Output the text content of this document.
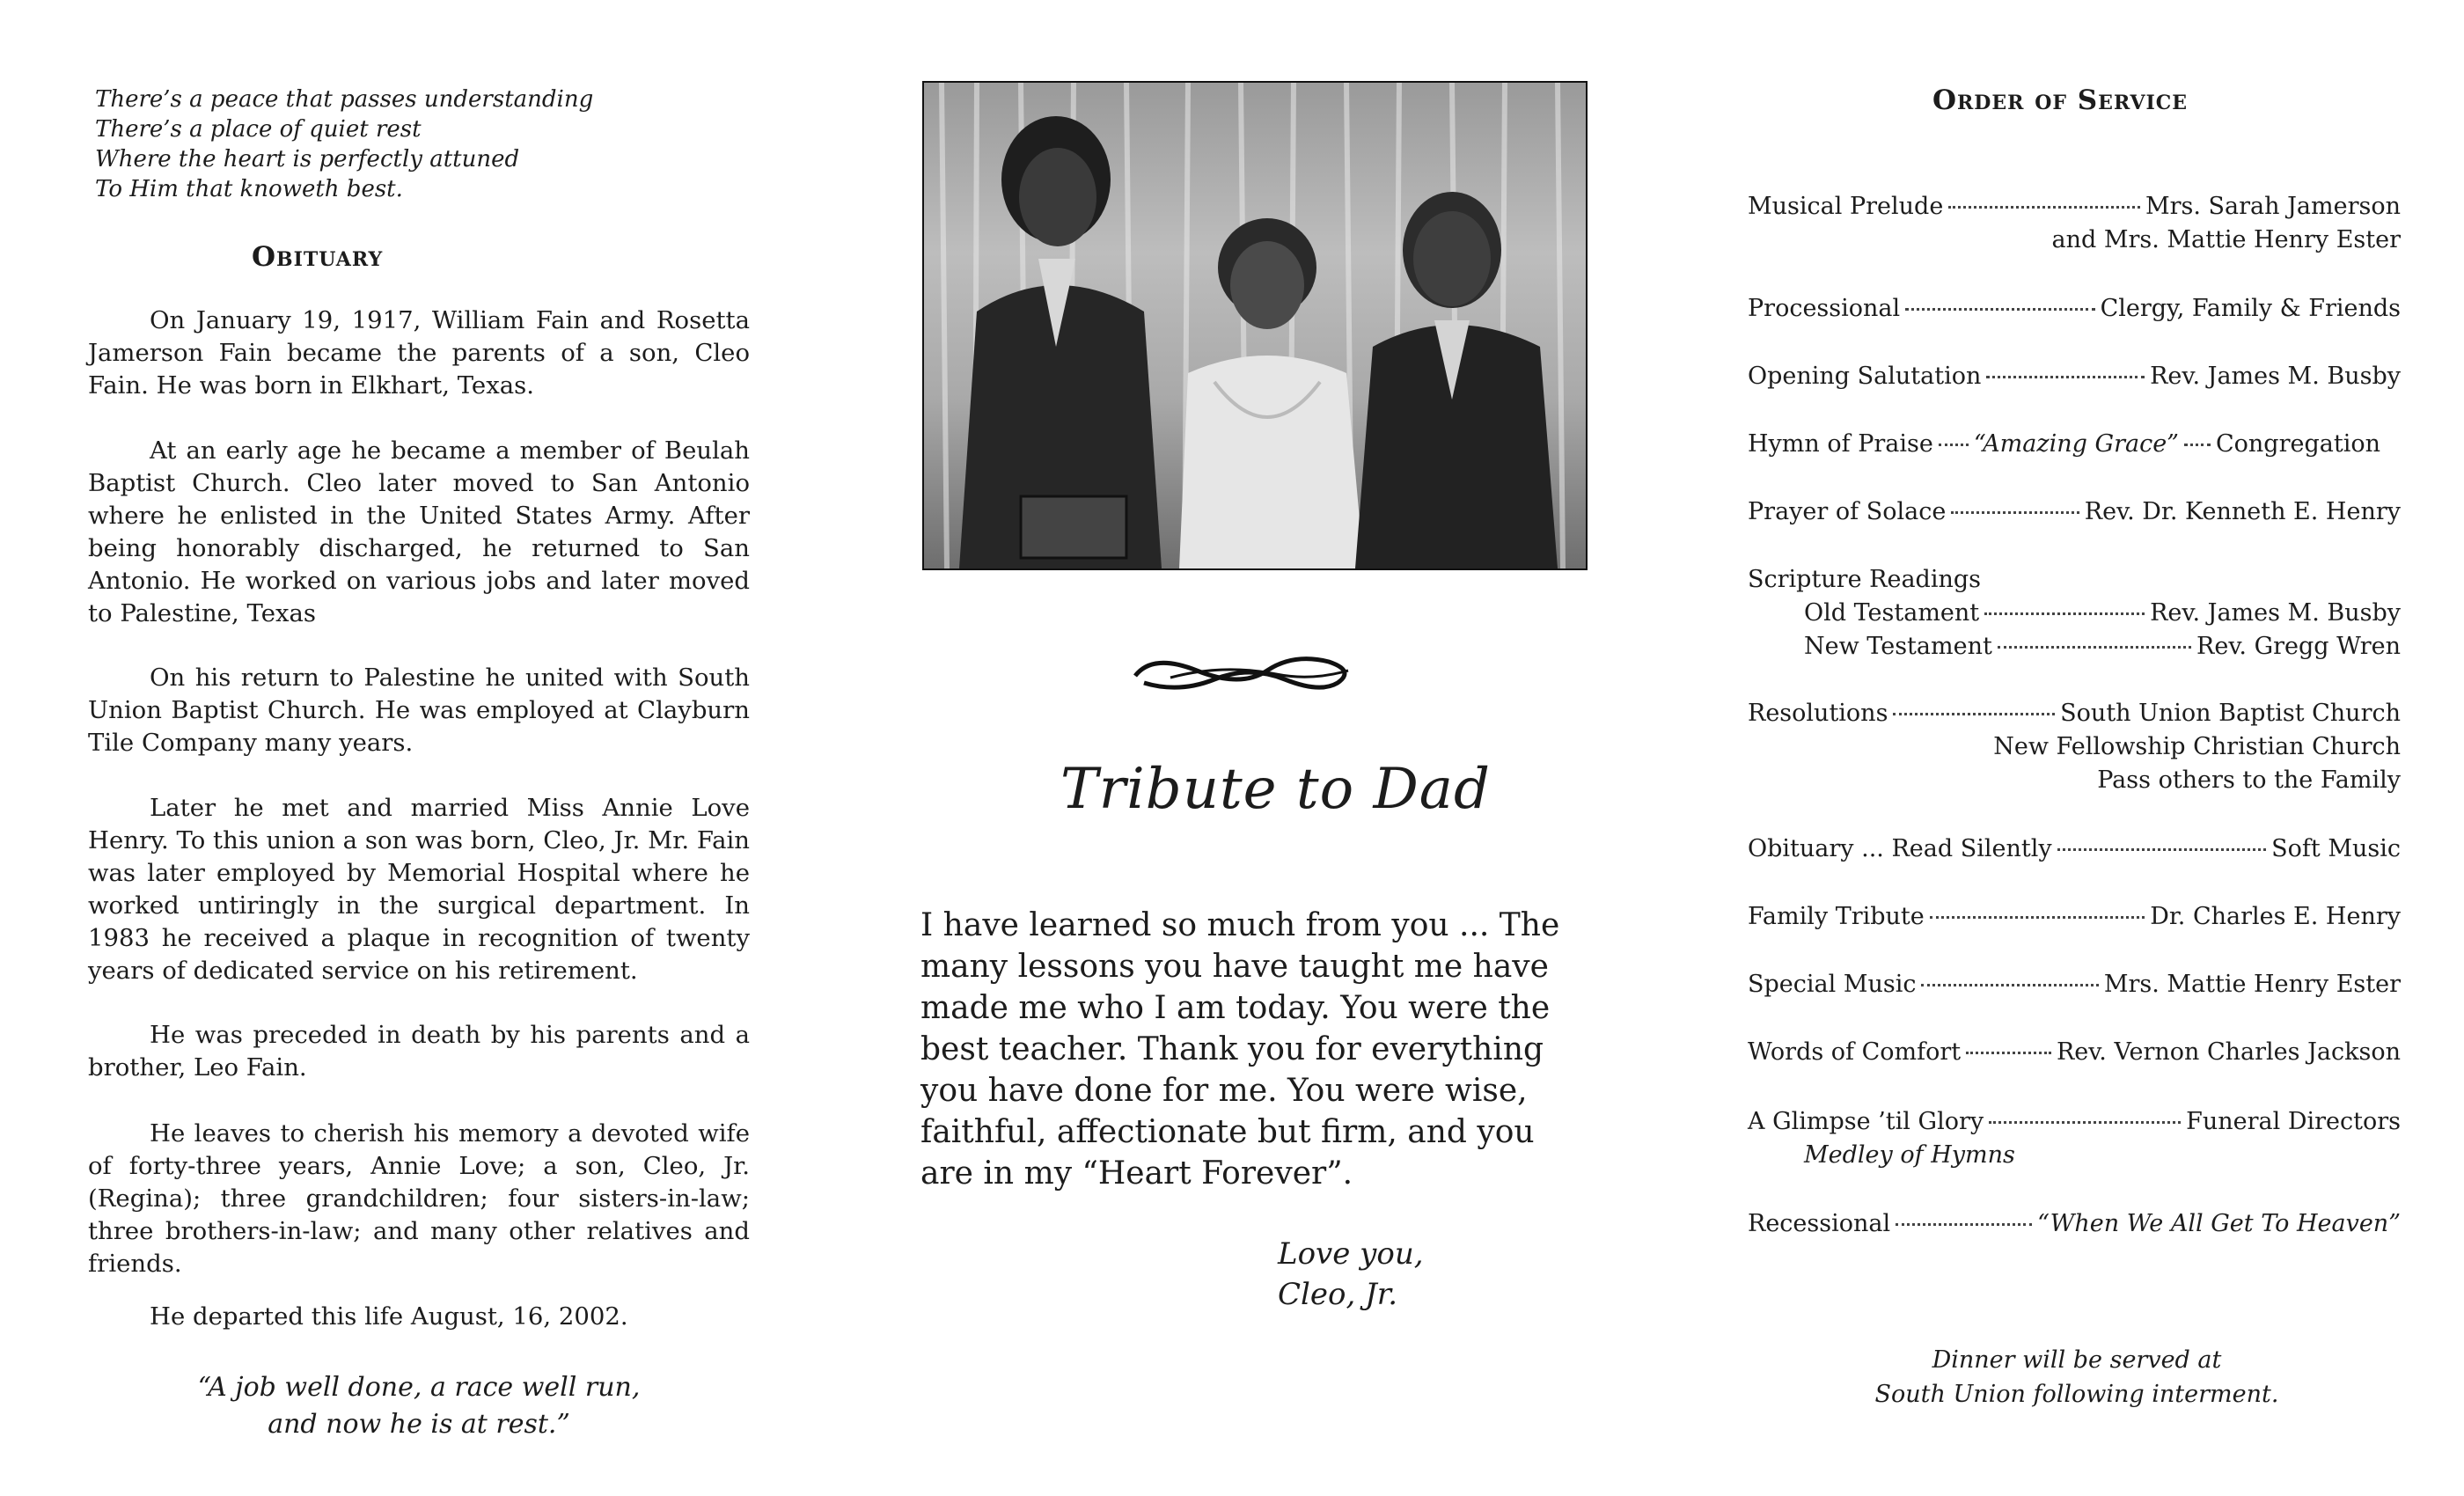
There’s a peace that passes understanding
There’s a place of quiet rest
Where the heart is perfectly attuned
To Him that knoweth best.
Obituary
On January 19, 1917, William Fain and Rosetta Jamerson Fain became the parents of a son, Cleo Fain. He was born in Elkhart, Texas.
At an early age he became a member of Beulah Baptist Church. Cleo later moved to San Antonio where he enlisted in the United States Army. After being honorably discharged, he returned to San Antonio. He worked on various jobs and later moved to Palestine, Texas
On his return to Palestine he united with South Union Baptist Church. He was employed at Clayburn Tile Company many years.
Later he met and married Miss Annie Love Henry. To this union a son was born, Cleo, Jr. Mr. Fain was later employed by Memorial Hospital where he worked untiringly in the surgical department. In 1983 he received a plaque in recognition of twenty years of dedicated service on his retirement.
He was preceded in death by his parents and a brother, Leo Fain.
He leaves to cherish his memory a devoted wife of forty-three years, Annie Love; a son, Cleo, Jr. (Regina); three grandchildren; four sisters-in-law; three brothers-in-law; and many other relatives and friends.
He departed this life August, 16, 2002.
“A job well done, a race well run,
and now he is at rest.”
Tribute to Dad
I have learned so much from you ... The many lessons you have taught me have made me who I am today. You were the best teacher. Thank you for everything you have done for me. You were wise, faithful, affectionate but firm, and you are in my “Heart Forever”.
Love you,
Cleo, Jr.
Order of Service
Musical Prelude	Mrs. Sarah Jamerson
and Mrs. Mattie Henry Ester
Processional	Clergy, Family & Friends
Opening Salutation	Rev. James M. Busby
Hymn of Praise “Amazing Grace” Congregation
Prayer of Solace	Rev. Dr. Kenneth E. Henry
Scripture Readings
Old Testament	Rev. James M. Busby
New Testament	Rev. Gregg Wren
Resolutions	South Union Baptist Church
New Fellowship Christian Church
Pass others to the Family
Obituary ... Read Silently	Soft Music
Family Tribute	Dr. Charles E. Henry
Special Music	Mrs. Mattie Henry Ester
Words of Comfort	Rev. Vernon Charles Jackson
A Glimpse ’til Glory	Funeral Directors
Medley of Hymns
Recessional	“When We All Get To Heaven”
Dinner will be served at
South Union following interment.
